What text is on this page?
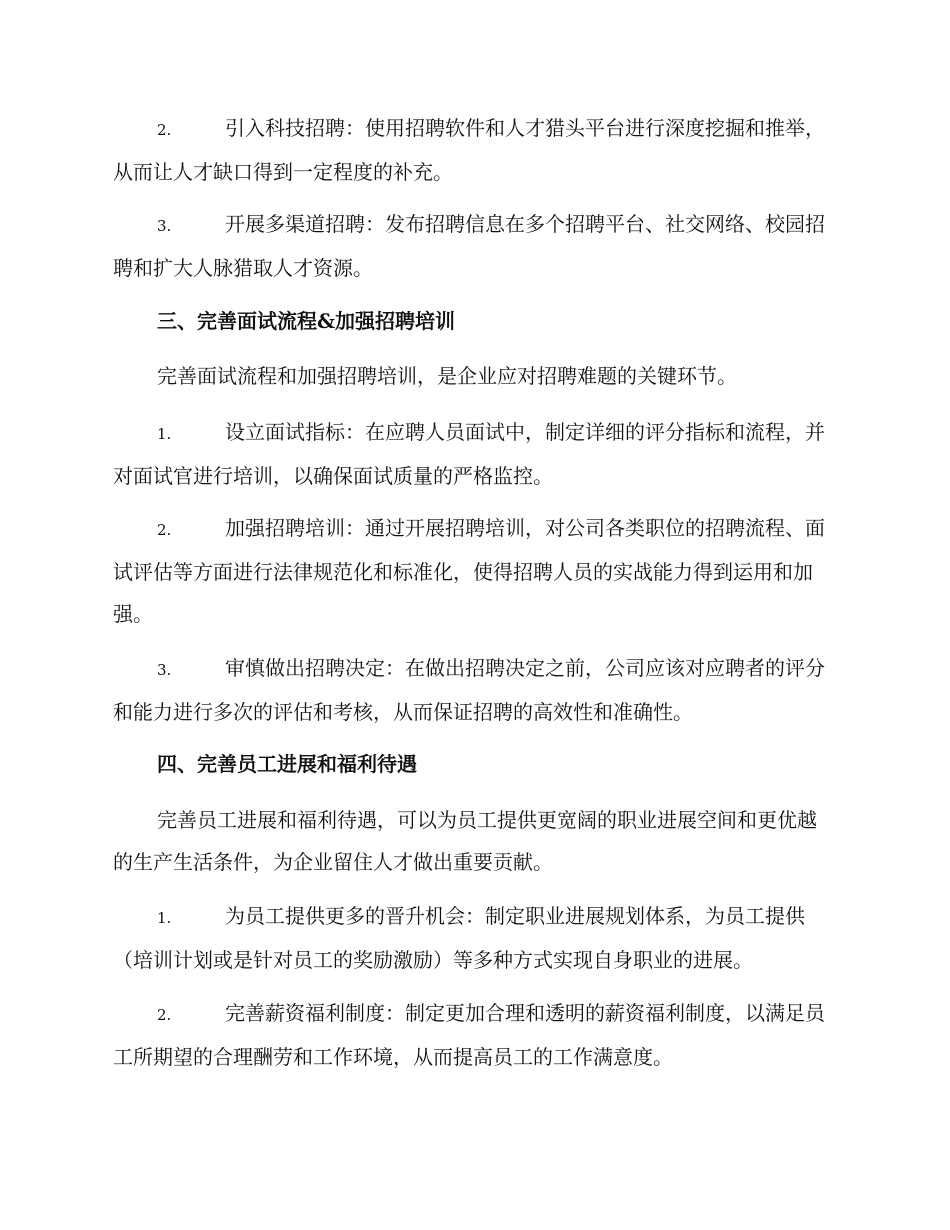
2.	引入科技招聘：使用招聘软件和人才猎头平台进行深度挖掘和推举，从而让人才缺口得到一定程度的补充。

3.	开展多渠道招聘：发布招聘信息在多个招聘平台、社交网络、校园招聘和扩大人脉猎取人才资源。

三、完善面试流程&加强招聘培训

完善面试流程和加强招聘培训，是企业应对招聘难题的关键环节。

1.	设立面试指标：在应聘人员面试中，制定详细的评分指标和流程，并对面试官进行培训，以确保面试质量的严格监控。

2.	加强招聘培训：通过开展招聘培训，对公司各类职位的招聘流程、面试评估等方面进行法律规范化和标准化，使得招聘人员的实战能力得到运用和加强。

3.	审慎做出招聘决定：在做出招聘决定之前，公司应该对应聘者的评分和能力进行多次的评估和考核，从而保证招聘的高效性和准确性。

四、完善员工进展和福利待遇

完善员工进展和福利待遇，可以为员工提供更宽阔的职业进展空间和更优越的生产生活条件，为企业留住人才做出重要贡献。

1.	为员工提供更多的晋升机会：制定职业进展规划体系，为员工提供（培训计划或是针对员工的奖励激励）等多种方式实现自身职业的进展。

2.	完善薪资福利制度：制定更加合理和透明的薪资福利制度，以满足员工所期望的合理酬劳和工作环境，从而提高员工的工作满意度。
